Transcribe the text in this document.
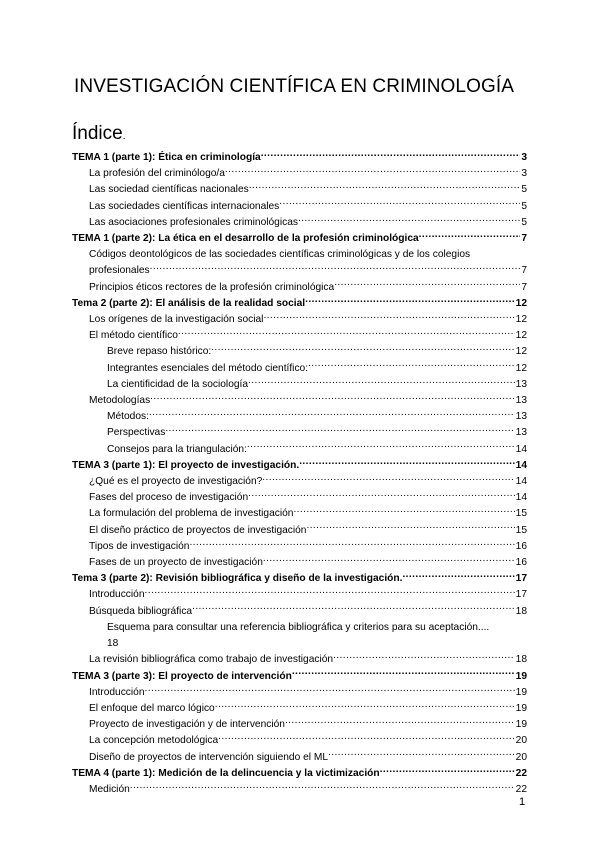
INVESTIGACIÓN CIENTÍFICA EN CRIMINOLOGÍA
Índice.
TEMA 1 (parte 1): Ética en criminología .....	3
La profesión del criminólogo/a .....	3
Las sociedad científicas nacionales .....	5
Las sociedades científicas internacionales .....	5
Las asociaciones profesionales criminológicas .....	5
TEMA 1 (parte 2): La ética en el desarrollo de la profesión criminológica .....	7
Códigos deontológicos de las sociedades científicas criminológicas y de los colegios
profesionales .....	7
Principios éticos rectores de la profesión criminológica .....	7
Tema 2 (parte 2): El análisis de la realidad social .....	12
Los orígenes de la investigación social .....	12
El método científico .....	12
Breve repaso histórico: .....	12
Integrantes esenciales del método científico: .....	12
La cientificidad de la sociología .....	13
Metodologías .....	13
Métodos: .....	13
Perspectivas .....	13
Consejos para la triangulación: .....	14
TEMA 3 (parte 1): El proyecto de investigación. .....	14
¿Qué es el proyecto de investigación? .....	14
Fases del proceso de investigación .....	14
La formulación del problema de investigación .....	15
El diseño práctico de proyectos de investigación .....	15
Tipos de investigación .....	16
Fases de un proyecto de investigación .....	16
Tema 3 (parte 2): Revisión bibliográfica y diseño de la investigación. .....	17
Introducción .....	17
Búsqueda bibliográfica .....	18
Esquema para consultar una referencia bibliográfica y criterios para su aceptación....
18
La revisión bibliográfica como trabajo de investigación .....	18
TEMA 3 (parte 3): El proyecto de intervención .....	19
Introducción .....	19
El enfoque del marco lógico .....	19
Proyecto de investigación y de intervención .....	19
La concepción metodológica .....	20
Diseño de proyectos de intervención siguiendo el ML .....	20
TEMA 4 (parte 1): Medición de la delincuencia y la victimización .....	22
Medición .....	22
1
